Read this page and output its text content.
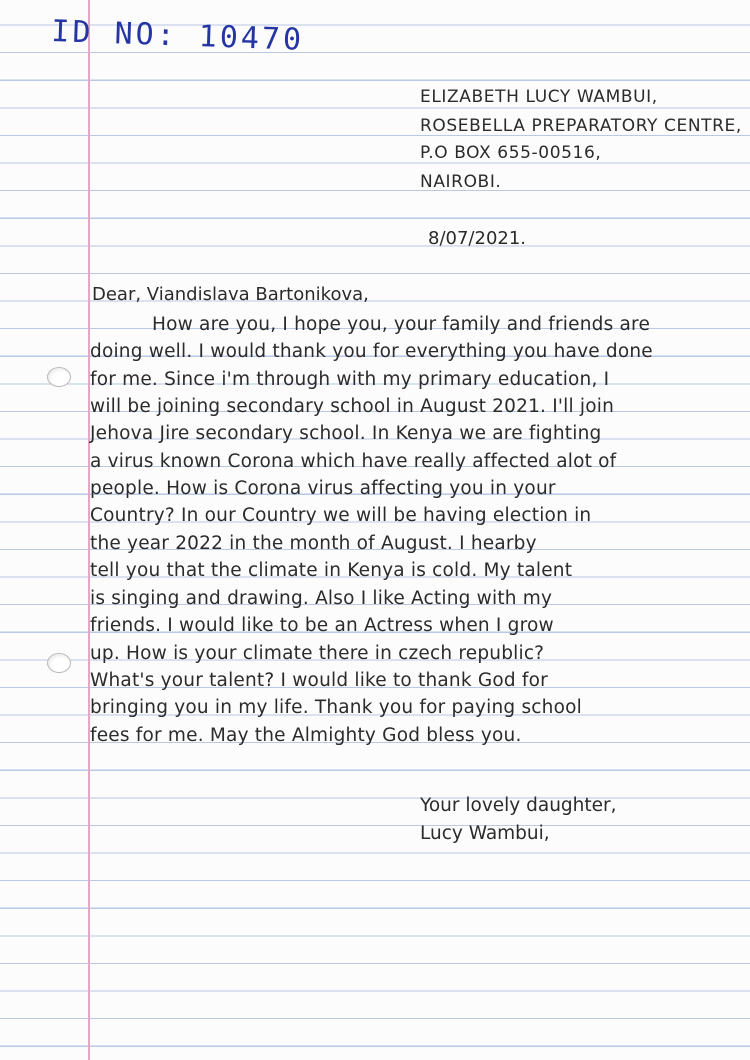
ID NO: 10470
ELIZABETH LUCY WAMBUI,
ROSEBELLA PREPARATORY CENTRE,
P.O BOX 655-00516,
NAIROBI.
8/07/2021.
Dear, Viandislava Bartonikova,
How are you, I hope you, your family and friends are
doing well. I would thank you for everything you have done
for me. Since i'm through with my primary education, I
will be joining secondary school in August 2021. I'll join
Jehova Jire secondary school. In Kenya we are fighting
a virus known Corona which have really affected alot of
people. How is Corona virus affecting you in your
Country? In our Country we will be having election in
the year 2022 in the month of August. I hearby
tell you that the climate in Kenya is cold. My talent
is singing and drawing. Also I like Acting with my
friends. I would like to be an Actress when I grow
up. How is your climate there in czech republic?
What's your talent? I would like to thank God for
bringing you in my life. Thank you for paying school
fees for me. May the Almighty God bless you.
Your lovely daughter,
Lucy Wambui,
